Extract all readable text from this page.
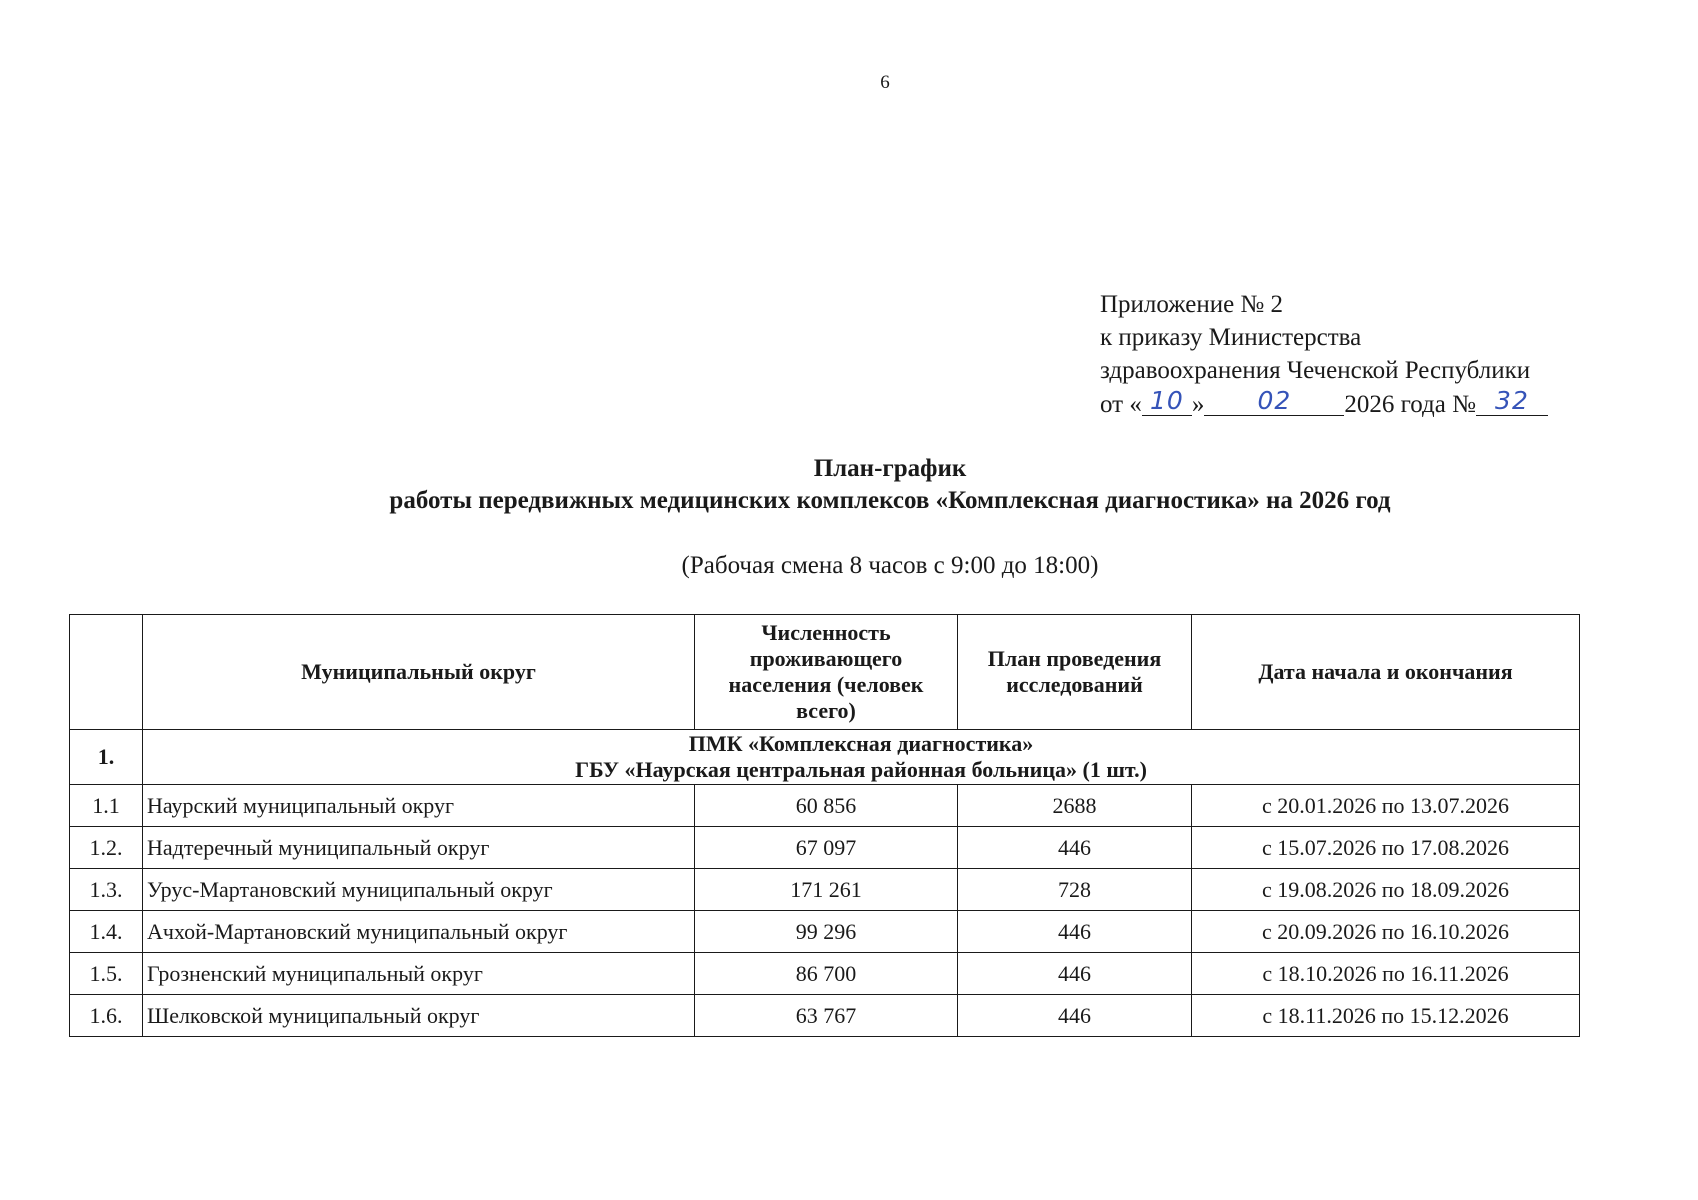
6
Приложение № 2
к приказу Министерства
здравоохранения Чеченской Республики
от « 10 » 02 2026 года № 32
План-график
работы передвижных медицинских комплексов «Комплексная диагностика» на 2026 год
(Рабочая смена 8 часов с 9:00 до 18:00)
	Муниципальный округ	Численность проживающего населения (человек всего)	План проведения исследований	Дата начала и окончания
1.	ПМК «Комплексная диагностика»
ГБУ «Наурская центральная районная больница» (1 шт.)			

1.1	Наурский муниципальный округ	60 856	2688	с 20.01.2026 по 13.07.2026
1.2.	Надтеречный муниципальный округ	67 097	446	с 15.07.2026 по 17.08.2026
1.3.	Урус-Мартановский муниципальный округ	171 261	728	с 19.08.2026 по 18.09.2026
1.4.	Ачхой-Мартановский муниципальный округ	99 296	446	с 20.09.2026 по 16.10.2026
1.5.	Грозненский муниципальный округ	86 700	446	с 18.10.2026 по 16.11.2026
1.6.	Шелковской муниципальный округ	63 767	446	с 18.11.2026 по 15.12.2026
